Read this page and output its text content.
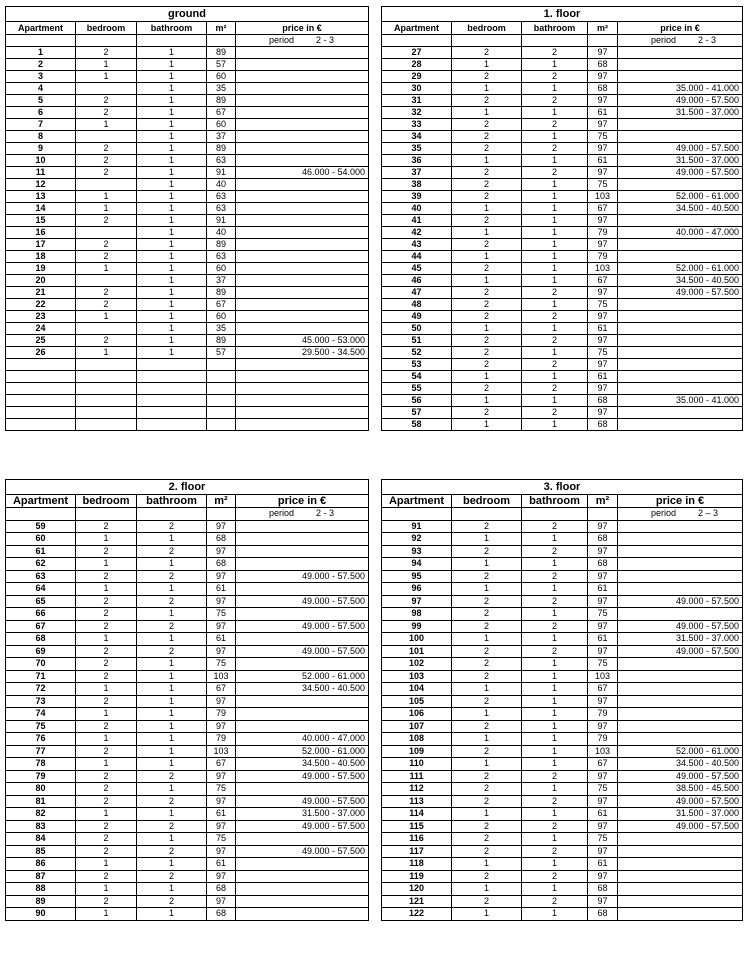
ground				
Apartment	bedroom	bathroom	m²	price in €
				period 2 - 3
1	2	1	89	
2	1	1	57	
3	1	1	60	
4		1	35	
5	2	1	89	
6	2	1	67	
7	1	1	60	
8		1	37	
9	2	1	89	
10	2	1	63	
11	2	1	91	46.000 - 54.000
12		1	40	
13	1	1	63	
14	1	1	63	
15	2	1	91	
16		1	40	
17	2	1	89	
18	2	1	63	
19	1	1	60	
20		1	37	
21	2	1	89	
22	2	1	67	
23	1	1	60	
24		1	35	
25	2	1	89	45.000 - 53.000
26	1	1	57	29.500 - 34.500

1. floor				
Apartment	bedroom	bathroom	m²	price in €
				period 2 - 3
27	2	2	97	
28	1	1	68	
29	2	2	97	
30	1	1	68	35.000 - 41.000
31	2	2	97	49.000 - 57.500
32	1	1	61	31.500 - 37.000
33	2	2	97	
34	2	1	75	
35	2	2	97	49.000 - 57.500
36	1	1	61	31.500 - 37.000
37	2	2	97	49.000 - 57.500
38	2	1	75	
39	2	1	103	52.000 - 61.000
40	1	1	67	34.500 - 40.500
41	2	1	97	
42	1	1	79	40.000 - 47.000
43	2	1	97	
44	1	1	79	
45	2	1	103	52.000 - 61.000
46	1	1	67	34.500 - 40.500
47	2	2	97	49.000 - 57.500
48	2	1	75	
49	2	2	97	
50	1	1	61	
51	2	2	97	
52	2	1	75	
53	2	2	97	
54	1	1	61	
55	2	2	97	
56	1	1	68	35.000 - 41.000
57	2	2	97	
58	1	1	68	
2. floor				
Apartment	bedroom	bathroom	m²	price in €
				period 2 - 3
59	2	2	97	
60	1	1	68	
61	2	2	97	
62	1	1	68	
63	2	2	97	49.000 - 57.500
64	1	1	61	
65	2	2	97	49.000 - 57.500
66	2	1	75	
67	2	2	97	49.000 - 57.500
68	1	1	61	
69	2	2	97	49.000 - 57.500
70	2	1	75	
71	2	1	103	52.000 - 61.000
72	1	1	67	34.500 - 40.500
73	2	1	97	
74	1	1	79	
75	2	1	97	
76	1	1	79	40.000 - 47.000
77	2	1	103	52.000 - 61.000
78	1	1	67	34.500 - 40.500
79	2	2	97	49.000 - 57.500
80	2	1	75	
81	2	2	97	49.000 - 57.500
82	1	1	61	31.500 - 37.000
83	2	2	97	49.000 - 57.500
84	2	1	75	
85	2	2	97	49.000 - 57.500
86	1	1	61	
87	2	2	97	
88	1	1	68	
89	2	2	97	
90	1	1	68	
3. floor				
Apartment	bedroom	bathroom	m²	price in €
				period 2 – 3
91	2	2	97	
92	1	1	68	
93	2	2	97	
94	1	1	68	
95	2	2	97	
96	1	1	61	
97	2	2	97	49.000 - 57.500
98	2	1	75	
99	2	2	97	49.000 - 57.500
100	1	1	61	31.500 - 37.000
101	2	2	97	49.000 - 57.500
102	2	1	75	
103	2	1	103	
104	1	1	67	
105	2	1	97	
106	1	1	79	
107	2	1	97	
108	1	1	79	
109	2	1	103	52.000 - 61.000
110	1	1	67	34.500 - 40.500
111	2	2	97	49.000 - 57.500
112	2	1	75	38.500 - 45.500
113	2	2	97	49.000 - 57.500
114	1	1	61	31.500 - 37.000
115	2	2	97	49.000 - 57.500
116	2	1	75	
117	2	2	97	
118	1	1	61	
119	2	2	97	
120	1	1	68	
121	2	2	97	
122	1	1	68	
